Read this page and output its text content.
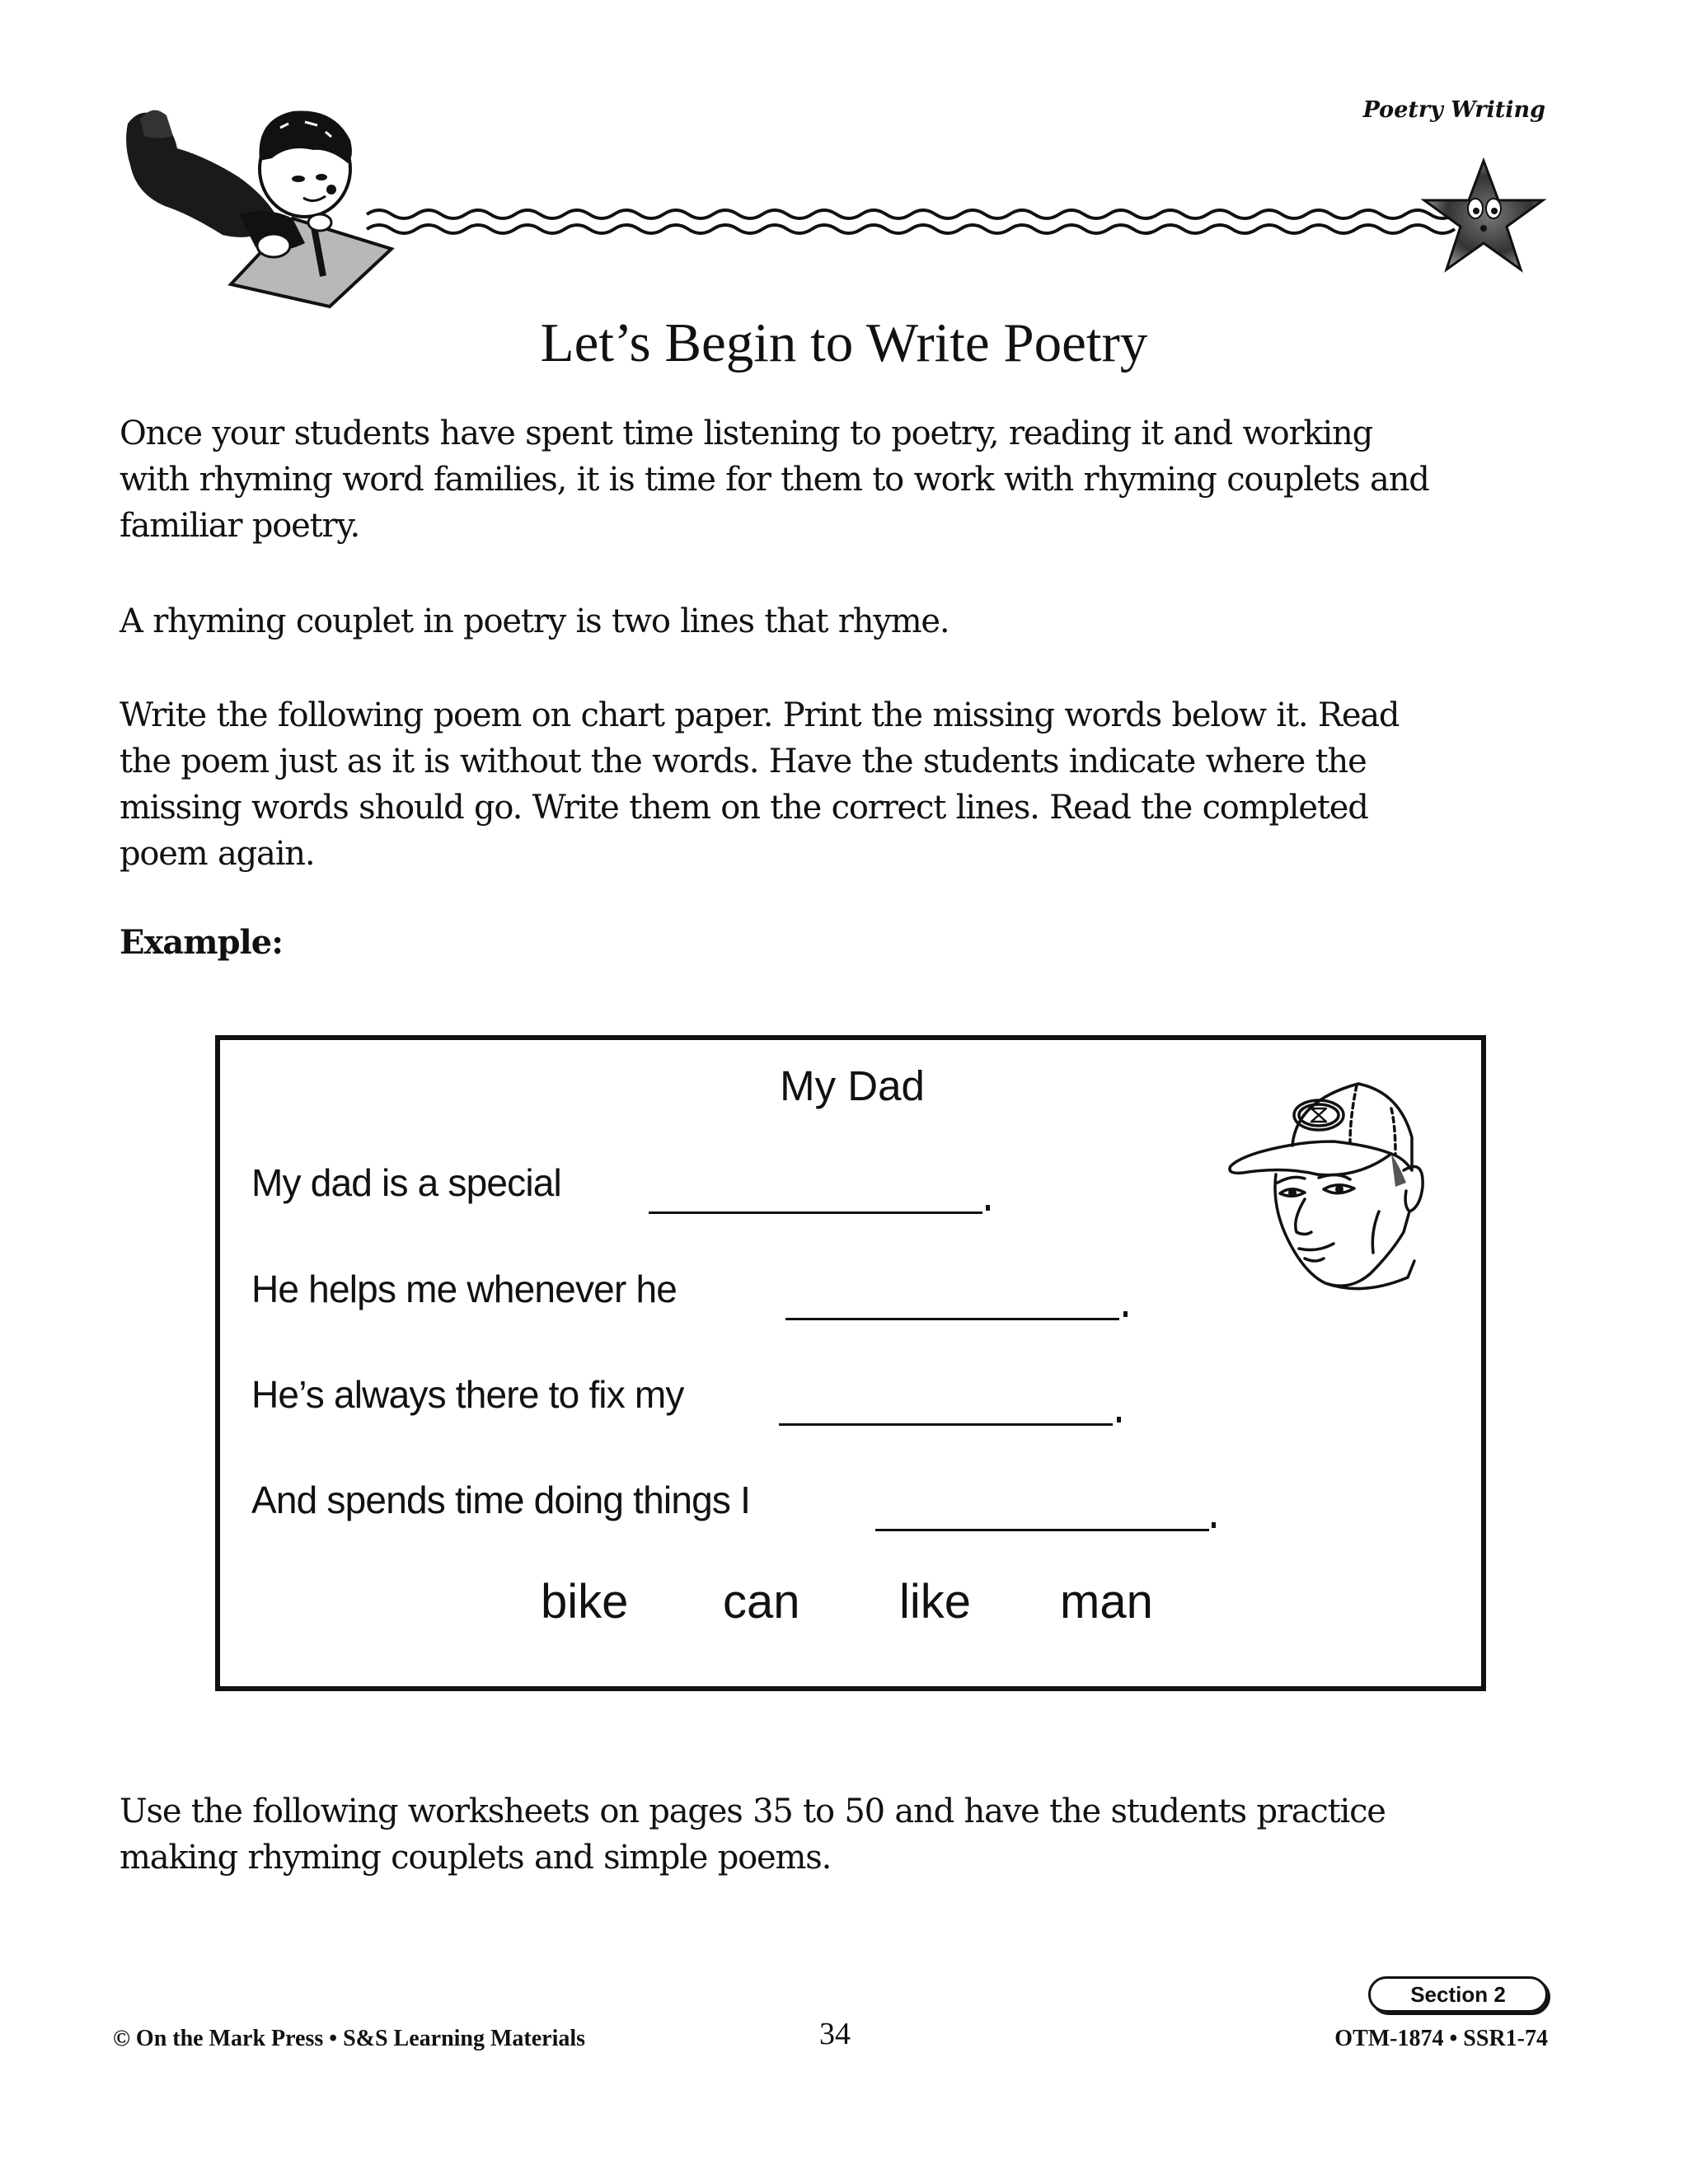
Poetry Writing
Let’s Begin to Write Poetry
Once your students have spent time listening to poetry, reading it and working
with rhyming word families, it is time for them to work with rhyming couplets and
familiar poetry.
A rhyming couplet in poetry is two lines that rhyme.
Write the following poem on chart paper. Print the missing words below it. Read
the poem just as it is without the words. Have the students indicate where the
missing words should go. Write them on the correct lines. Read the completed
poem again.
Example:
My Dad
My dad is a special
He helps me whenever he
He’s always there to fix my
And spends time doing things I
bike can like man
Use the following worksheets on pages 35 to 50 and have the students practice
making rhyming couplets and simple poems.
Section 2
© On the Mark Press • S&S Learning Materials	34	OTM-1874 • SSR1-74
